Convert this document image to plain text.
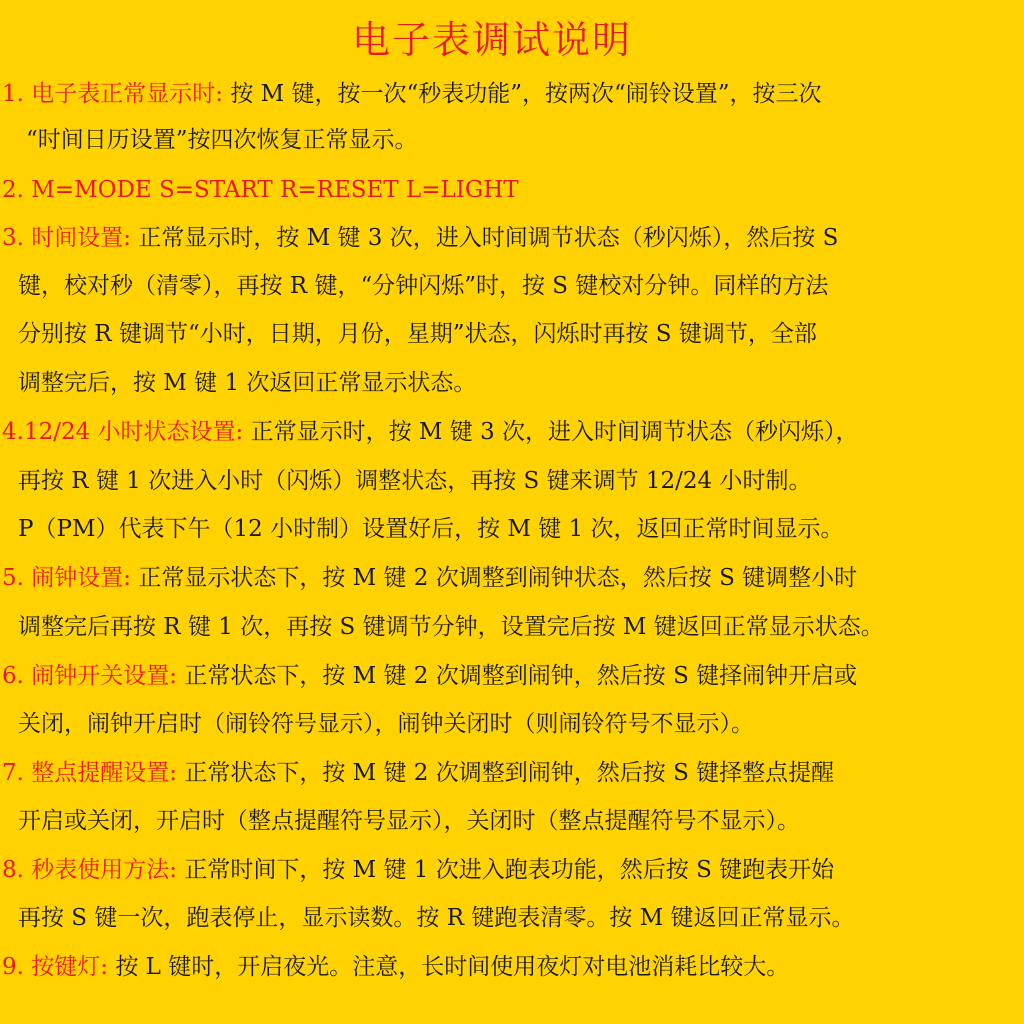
电子表调试说明
1. 电子表正常显示时: 按 M 键，按一次“秒表功能”，按两次“闹铃设置”，按三次
“时间日历设置”按四次恢复正常显示。
2. M=MODE S=START R=RESET L=LIGHT
3. 时间设置: 正常显示时，按 M 键 3 次，进入时间调节状态（秒闪烁），然后按 S
键，校对秒（清零），再按 R 键，“分钟闪烁”时，按 S 键校对分钟。同样的方法
分别按 R 键调节“小时，日期，月份，星期”状态，闪烁时再按 S 键调节，全部
调整完后，按 M 键 1 次返回正常显示状态。
4.12/24 小时状态设置: 正常显示时，按 M 键 3 次，进入时间调节状态（秒闪烁），
再按 R 键 1 次进入小时（闪烁）调整状态，再按 S 键来调节 12/24 小时制。
P（PM）代表下午（12 小时制）设置好后，按 M 键 1 次，返回正常时间显示。
5. 闹钟设置: 正常显示状态下，按 M 键 2 次调整到闹钟状态，然后按 S 键调整小时
调整完后再按 R 键 1 次，再按 S 键调节分钟，设置完后按 M 键返回正常显示状态。
6. 闹钟开关设置: 正常状态下，按 M 键 2 次调整到闹钟，然后按 S 键择闹钟开启或
关闭，闹钟开启时（闹铃符号显示），闹钟关闭时（则闹铃符号不显示）。
7. 整点提醒设置: 正常状态下，按 M 键 2 次调整到闹钟，然后按 S 键择整点提醒
开启或关闭，开启时（整点提醒符号显示），关闭时（整点提醒符号不显示）。
8. 秒表使用方法: 正常时间下，按 M 键 1 次进入跑表功能，然后按 S 键跑表开始
再按 S 键一次，跑表停止，显示读数。按 R 键跑表清零。按 M 键返回正常显示。
9. 按键灯: 按 L 键时，开启夜光。注意，长时间使用夜灯对电池消耗比较大。
